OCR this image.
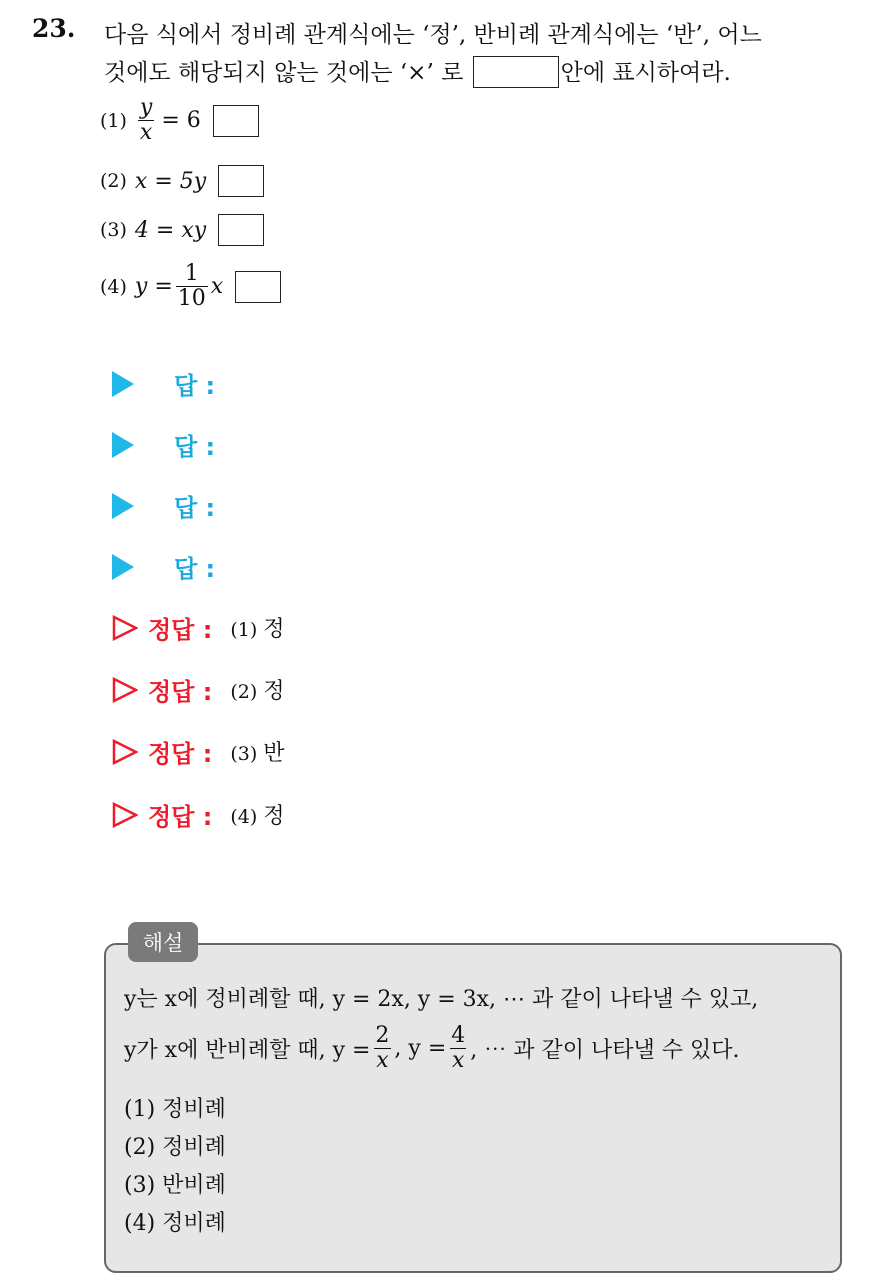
23. 다음 식에서 정비례 관계식에는 ‘정’, 반비례 관계식에는 ‘반’, 어느
것에도 해당되지 않는 것에는 ‘×’ 로	안에 표시하여라.
$(1) \frac{y}{x} = 6$
(2) x = 5y
(3) 4 = xy
(4) $y = \frac{1}{10}$ x
답 :
답 :
답 :
답 :
정답 : (1) 정
정답 : (2) 정
정답 : (3) 반
정답 : (4) 정
해설
y는 x에 정비례할 때, y = 2x, y = 3x, ⋯ 과 같이 나타낼 수 있고,
y가 x에 반비례할 때, $y = \frac{2}{x}$ , $y = \frac{4}{x}$ , ⋯ 과 같이 나타낼 수 있다.
(1) 정비례
(2) 정비례
(3) 반비례
(4) 정비례
